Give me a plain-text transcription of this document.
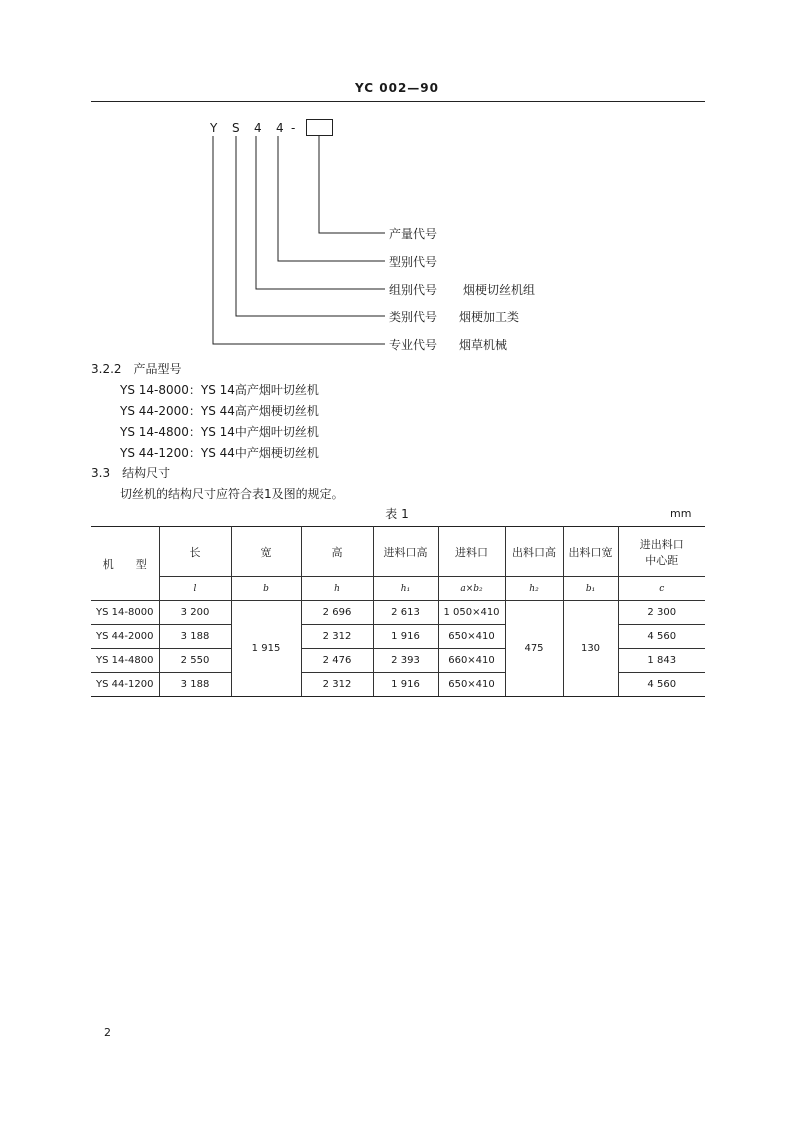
YC 002—90
Y S 4 4 -
产量代号
型别代号
组别代号 烟梗切丝机组
类别代号 烟梗加工类
专业代号 烟草机械
3.2.2　产品型号
YS 14-8000：YS 14高产烟叶切丝机
YS 44-2000：YS 44高产烟梗切丝机
YS 14-4800：YS 14中产烟叶切丝机
YS 44-1200：YS 44中产烟梗切丝机
3.3　结构尺寸
切丝机的结构尺寸应符合表1及图的规定。
表 1	mm
机　　型	长	宽	高	进料口高	进料口	出料口高	出料口宽	进出料口
中心距

	l	b	h	h₁	a×b₂	h₂	b₁	c
YS 14-8000	3 200	1 915	2 696	2 613	1 050×410	475	130	2 300
YS 44-2000	3 188		2 312	1 916	650×410			4 560
YS 14-4800	2 550		2 476	2 393	660×410			1 843
YS 44-1200	3 188		2 312	1 916	650×410			4 560
2
